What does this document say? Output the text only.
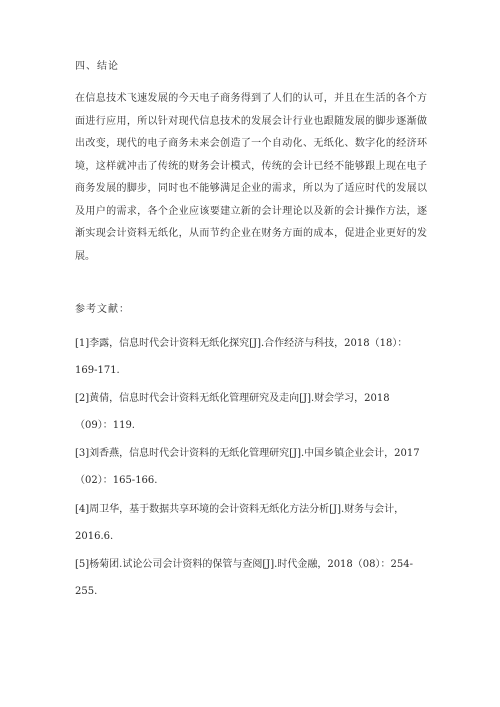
四、结论
在信息技术飞速发展的今天电子商务得到了人们的认可，并且在生活的各个方
面进行应用，所以针对现代信息技术的发展会计行业也跟随发展的脚步逐渐做
出改变，现代的电子商务未来会创造了一个自动化、无纸化、数字化的经济环
境，这样就冲击了传统的财务会计模式，传统的会计已经不能够跟上现在电子
商务发展的脚步，同时也不能够满足企业的需求，所以为了适应时代的发展以
及用户的需求，各个企业应该要建立新的会计理论以及新的会计操作方法，逐
渐实现会计资料无纸化，从而节约企业在财务方面的成本，促进企业更好的发
展。
参考文献：
[1]李露，信息时代会计资料无纸化探究[J].合作经济与科技，2018（18）：
169-171.
[2]黄倩，信息时代会计资料无纸化管理研究及走向[J].财会学习，2018
（09）：119.
[3]刘香燕，信息时代会计资料的无纸化管理研究[J].中国乡镇企业会计，2017
（02）：165-166.
[4]周卫华，基于数据共享环境的会计资料无纸化方法分析[J].财务与会计，
2016.6.
[5]杨菊团.试论公司会计资料的保管与查阅[J].时代金融，2018（08）：254-
255.
